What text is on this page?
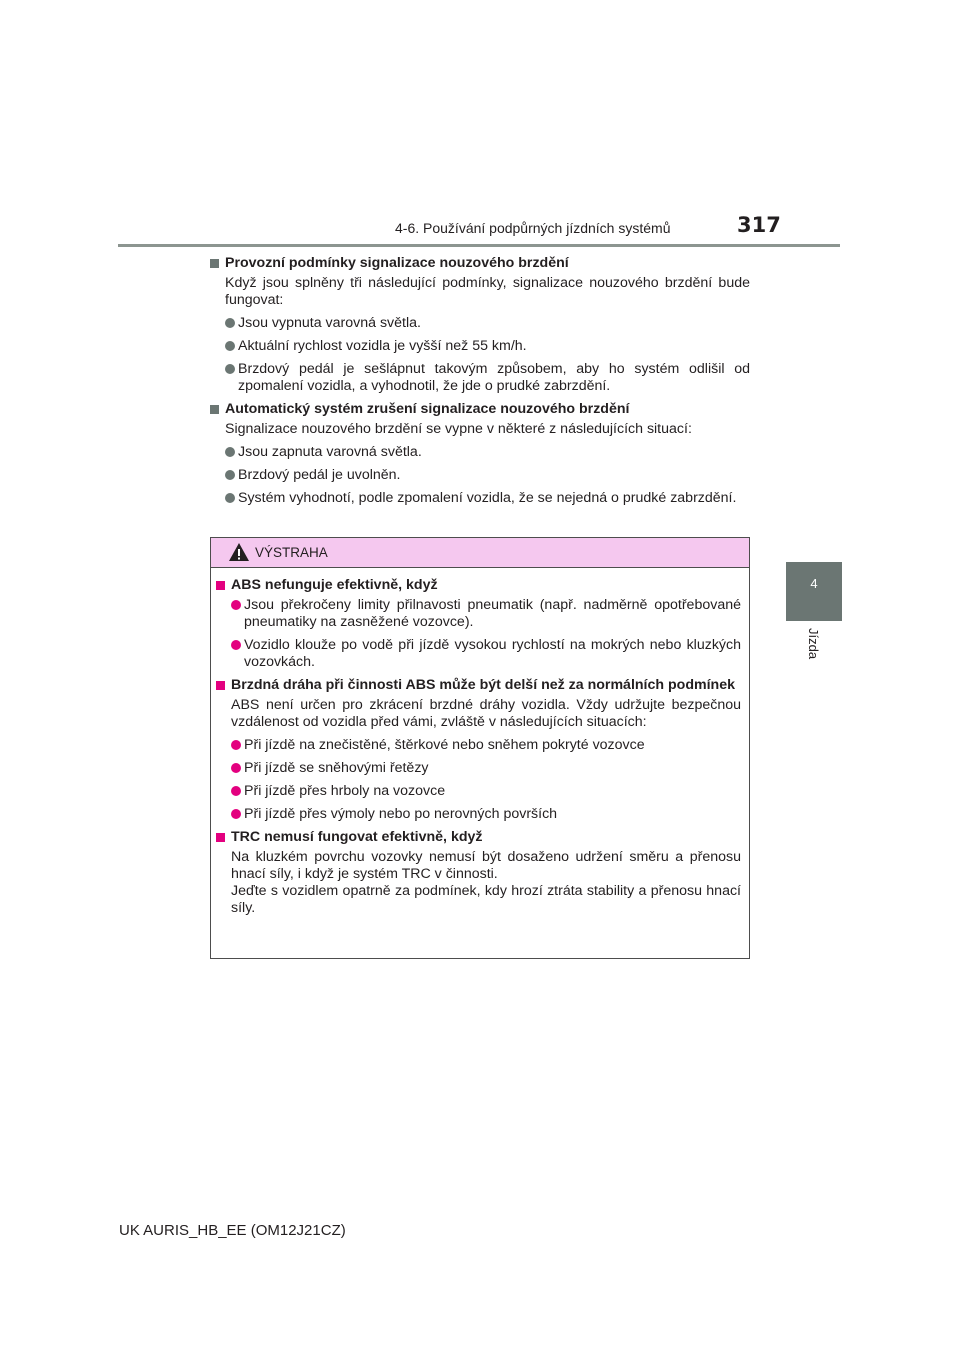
4-6. Používání podpůrných jízdních systémů	317
4
Jízda
Provozní podmínky signalizace nouzového brzdění
Když jsou splněny tři následující podmínky, signalizace nouzového brzdění bude fungovat:
Jsou vypnuta varovná světla.
Aktuální rychlost vozidla je vyšší než 55 km/h.
Brzdový pedál je sešlápnut takovým způsobem, aby ho systém odlišil od zpomalení vozidla, a vyhodnotil, že jde o prudké zabrzdění.
Automatický systém zrušení signalizace nouzového brzdění
Signalizace nouzového brzdění se vypne v některé z následujících situací:
Jsou zapnuta varovná světla.
Brzdový pedál je uvolněn.
Systém vyhodnotí, podle zpomalení vozidla, že se nejedná o prudké zabrzdění.
VÝSTRAHA
ABS nefunguje efektivně, když
Jsou překročeny limity přilnavosti pneumatik (např. nadměrně opotřebované pneumatiky na zasněžené vozovce).
Vozidlo klouže po vodě při jízdě vysokou rychlostí na mokrých nebo kluzkých vozovkách.
Brzdná dráha při činnosti ABS může být delší než za normálních podmínek
ABS není určen pro zkrácení brzdné dráhy vozidla. Vždy udržujte bezpečnou vzdálenost od vozidla před vámi, zvláště v následujících situacích:
Při jízdě na znečistěné, štěrkové nebo sněhem pokryté vozovce
Při jízdě se sněhovými řetězy
Při jízdě přes hrboly na vozovce
Při jízdě přes výmoly nebo po nerovných površích
TRC nemusí fungovat efektivně, když
Na kluzkém povrchu vozovky nemusí být dosaženo udržení směru a přenosu hnací síly, i když je systém TRC v činnosti.
Jeďte s vozidlem opatrně za podmínek, kdy hrozí ztráta stability a přenosu hnací síly.
UK AURIS_HB_EE (OM12J21CZ)
